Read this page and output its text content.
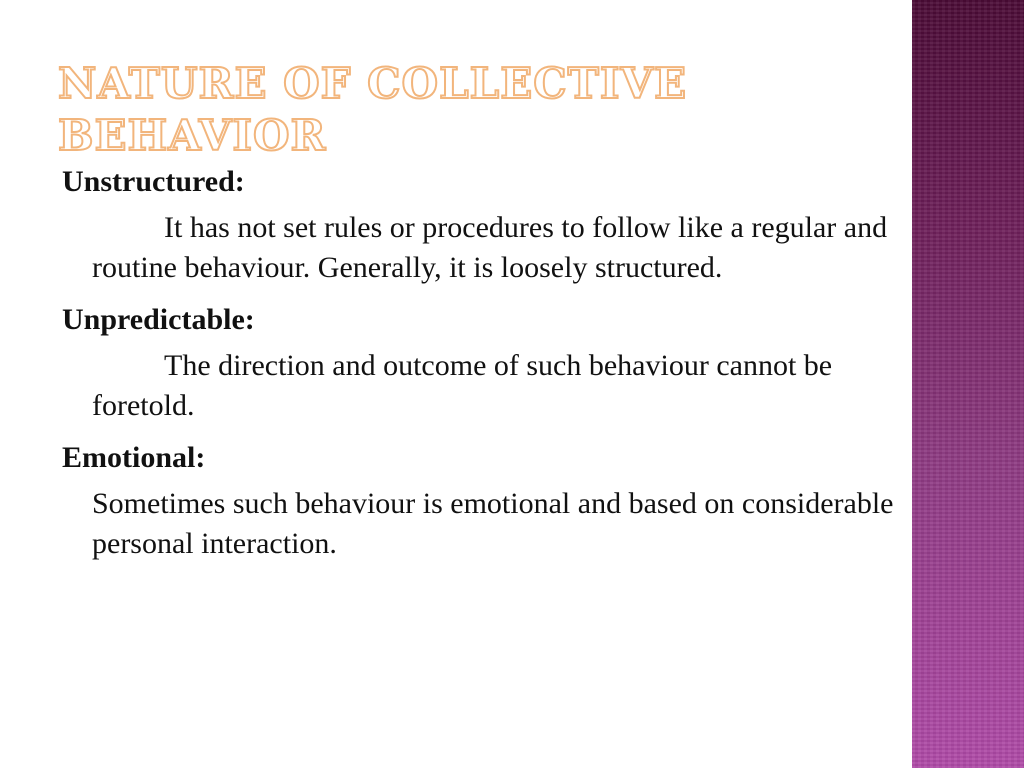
NATURE OF COLLECTIVE BEHAVIOR

Unstructured:

It has not set rules or procedures to follow like a regular and routine behaviour. Generally, it is loosely structured.

Unpredictable:

The direction and outcome of such behaviour cannot be foretold.

Emotional:

Sometimes such behaviour is emotional and based on considerable personal interaction.
